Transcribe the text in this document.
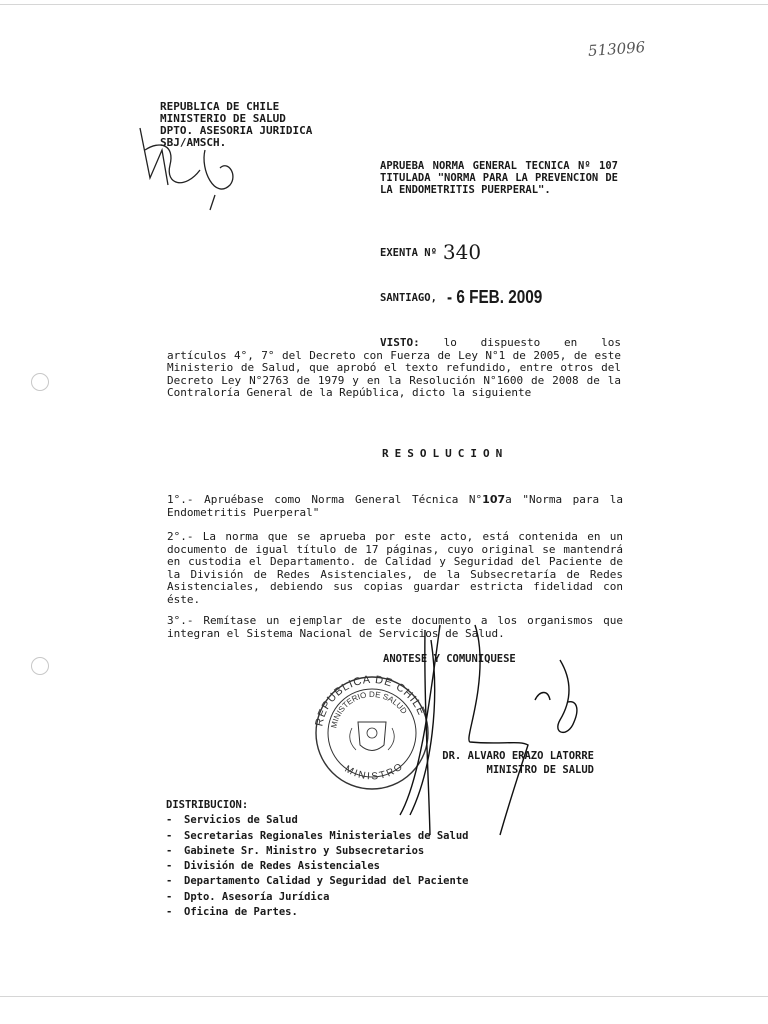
513096
REPUBLICA DE CHILE
MINISTERIO DE SALUD
DPTO. ASESORIA JURIDICA
SBJ/AMSCH.
APRUEBA NORMA GENERAL TECNICA Nº 107 TITULADA "NORMA PARA LA PREVENCION DE LA ENDOMETRITIS PUERPERAL".
EXENTA Nº 340
SANTIAGO, - 6 FEB. 2009
VISTO: lo dispuesto en los
artículos 4°, 7° del Decreto con Fuerza de Ley N°1 de 2005, de este Ministerio de Salud, que aprobó el texto refundido, entre otros del Decreto Ley N°2763 de 1979 y en la Resolución N°1600 de 2008 de la Contraloría General de la República, dicto la siguiente
RESOLUCION
1°.- Apruébase como Norma General Técnica N°107a "Norma para la Endometritis Puerperal"
2°.- La norma que se aprueba por este acto, está contenida en un documento de igual título de 17 páginas, cuyo original se mantendrá en custodia el Departamento. de Calidad y Seguridad del Paciente de la División de Redes Asistenciales, de la Subsecretaría de Redes Asistenciales, debiendo sus copias guardar estricta fidelidad con éste.
3°.- Remítase un ejemplar de este documento a los organismos que integran el Sistema Nacional de Servicios de Salud.
ANOTESE Y COMUNIQUESE
DR. ALVARO ERAZO LATORRE
MINISTRO DE SALUD
DISTRIBUCION:
- Servicios de Salud
- Secretarias Regionales Ministeriales de Salud
- Gabinete Sr. Ministro y Subsecretarios
- División de Redes Asistenciales
- Departamento Calidad y Seguridad del Paciente
- Dpto. Asesoría Jurídica
- Oficina de Partes.
REPUBLICA DE CHILE
MINISTERIO DE SALUD
MINISTRO
